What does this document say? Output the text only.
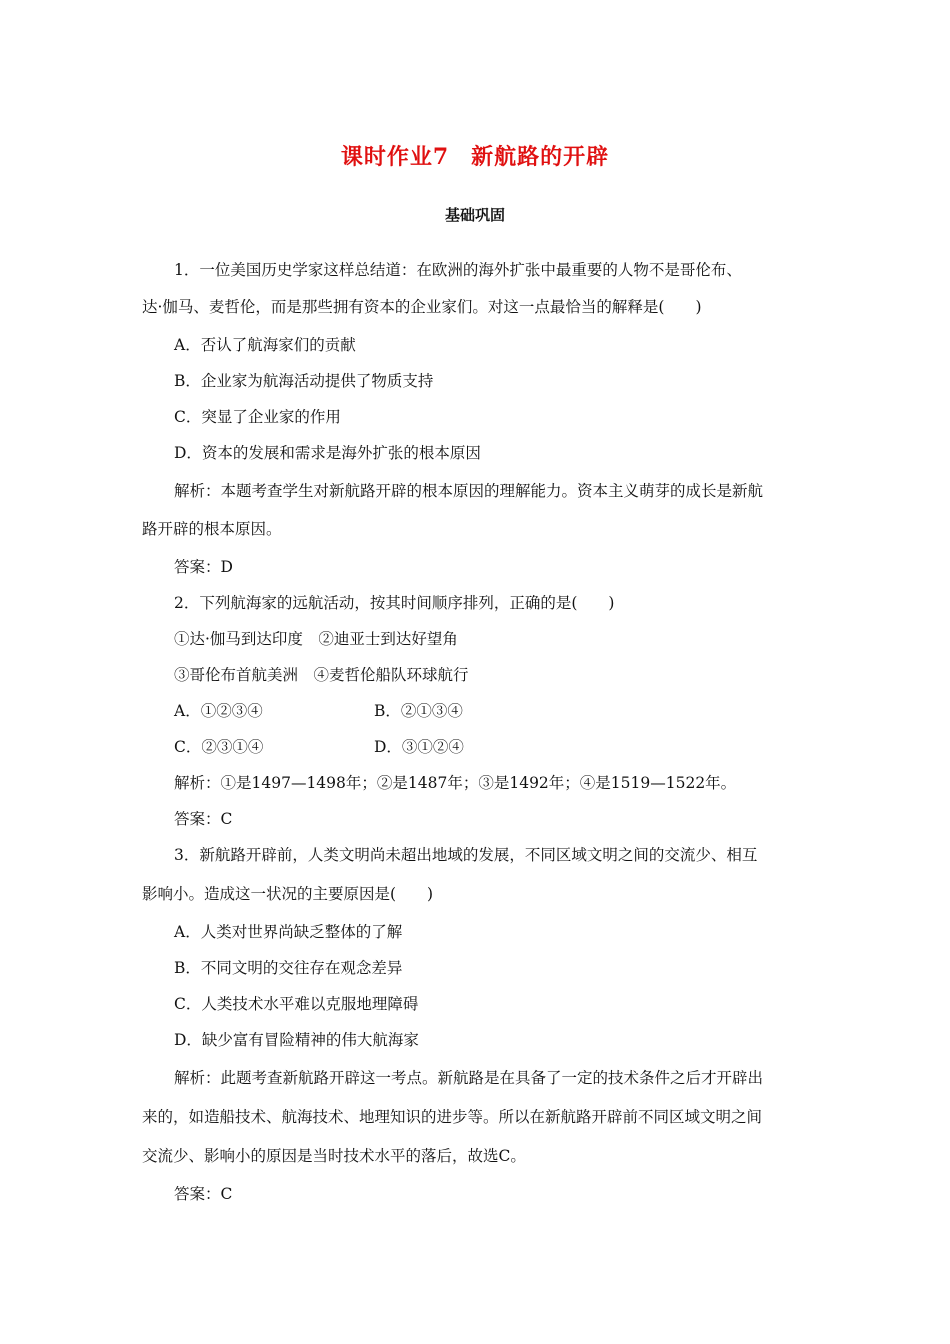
课时作业7 新航路的开辟
基础巩固
1．一位美国历史学家这样总结道：在欧洲的海外扩张中最重要的人物不是哥伦布、
达·伽马、麦哲伦，而是那些拥有资本的企业家们。对这一点最恰当的解释是(　　)
A．否认了航海家们的贡献
B．企业家为航海活动提供了物质支持
C．突显了企业家的作用
D．资本的发展和需求是海外扩张的根本原因
解析：本题考查学生对新航路开辟的根本原因的理解能力。资本主义萌芽的成长是新航
路开辟的根本原因。
答案：D
2．下列航海家的远航活动，按其时间顺序排列，正确的是(　　)
①达·伽马到达印度　②迪亚士到达好望角
③哥伦布首航美洲　④麦哲伦船队环球航行
A．①②③④	B．②①③④
C．②③①④	D．③①②④
解析：①是1497—1498年；②是1487年；③是1492年；④是1519—1522年。
答案：C
3．新航路开辟前，人类文明尚未超出地域的发展，不同区域文明之间的交流少、相互
影响小。造成这一状况的主要原因是(　　)
A．人类对世界尚缺乏整体的了解
B．不同文明的交往存在观念差异
C．人类技术水平难以克服地理障碍
D．缺少富有冒险精神的伟大航海家
解析：此题考查新航路开辟这一考点。新航路是在具备了一定的技术条件之后才开辟出
来的，如造船技术、航海技术、地理知识的进步等。所以在新航路开辟前不同区域文明之间
交流少、影响小的原因是当时技术水平的落后，故选C。
答案：C
